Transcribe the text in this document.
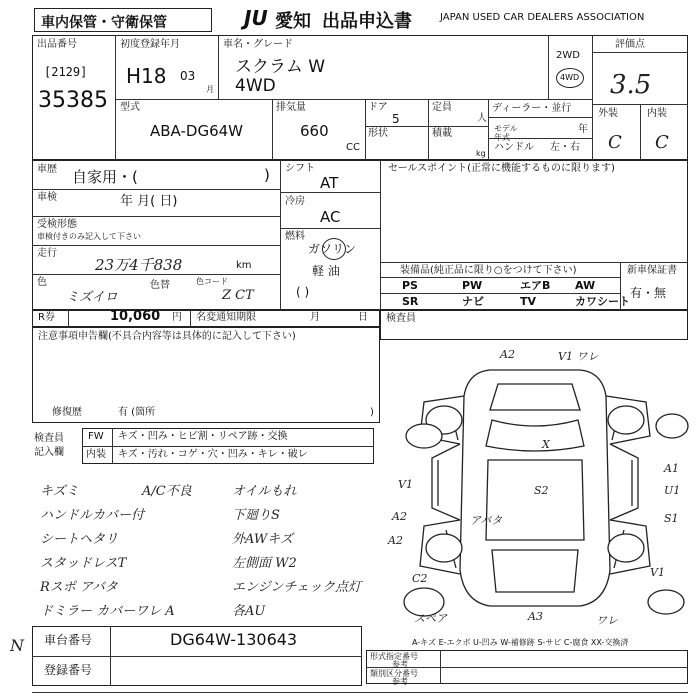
車内保管・守衛保管	JU 愛知 出品申込書	JAPAN USED CAR DEALERS ASSOCIATION
出品番号
[2129]
35385
初度登録年月
H18 03
月
車名・グレード
スクラム W
4WD
2WD
4WD
評価点
3.5
外装	内装
C C
型式
ABA-DG64W
排気量
660
CC
ドア
5
定員
人
形状	積載
kg
ディーラー・並行
モデル 年式
年
ハンドル 左・右
車歴 自家用・(	)
車検	年 月( 日)
受検形態
車検付きのみ記入して下さい
走行
23万4千838	km
色
ミズイロ
色替	色コード
Z CT
シフト
AT
冷房
AC
燃料
ガソリン
軽 油
( )
セールスポイント(正常に機能するものに限ります)
装備品(純正品に限り○をつけて下さい)
PS	PW	エアB AW
SR	ナビ	TV	カワシート
新車保証書
有・無
R券	10,060 円 名変通知期限	月	日 検査員
注意事項申告欄(不具合内容等は具体的に記入して下さい)
修復歴	有 (箇所	)
検査員 記入欄
FW キズ・凹み・ヒビ割・リペア跡・交換
内装 キズ・汚れ・コゲ・穴・凹み・キレ・破レ
キズミ
ハンドルカバー付
シートヘタリ
スタッドレスT
Rスポ アバタ
ドミラー カバーワレ A
オイルもれ
下廻りS
外AWキズ
左側面 W2
エンジンチェック点灯
各AU
A/C不良
A2	V1 ワレ
X
S2
A1
U1
V1
A2
A2
アバタ	S1
C2	V1
スペア	A3	ワレ
A-キズ E-エクボ U-凹み W-補修跡 S-サビ C-腐食 XX-交換済
車台番号	DG64W-130643
登録番号
N
形式指定番号
参考
類別区分番号
参考
